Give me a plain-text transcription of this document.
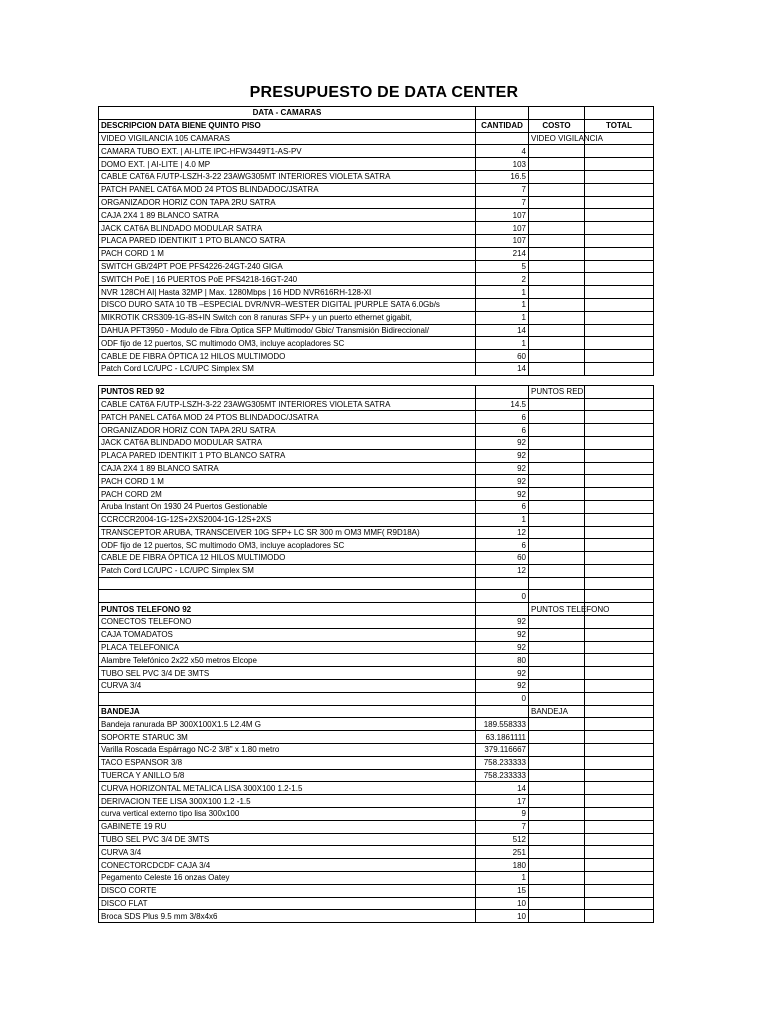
PRESUPUESTO DE DATA CENTER
DATA - CAMARAS			
DESCRIPCION DATA BIENE QUINTO PISO	CANTIDAD	COSTO	TOTAL
VIDEO VIGILANCIA 105 CAMARAS		VIDEO VIGILANCIA	
CAMARA TUBO EXT. | AI-LITE IPC-HFW3449T1-AS-PV	4		
DOMO EXT. | AI-LITE | 4.0 MP	103		
CABLE CAT6A F/UTP-LSZH-3-22 23AWG305MT INTERIORES VIOLETA SATRA	16.5		
PATCH PANEL CAT6A MOD 24 PTOS BLINDADOC/JSATRA	7		
ORGANIZADOR HORIZ CON TAPA 2RU SATRA	7		
CAJA 2X4 1 89 BLANCO SATRA	107		
JACK CAT6A BLINDADO MODULAR SATRA	107		
PLACA PARED IDENTIKIT 1 PTO BLANCO SATRA	107		
PACH CORD 1 M	214		
SWITCH GB/24PT POE PFS4226-24GT-240 GIGA	5		
SWITCH PoE | 16 PUERTOS PoE PFS4218-16GT-240	2		
NVR 128CH AI| Hasta 32MP | Max. 1280Mbps | 16 HDD NVR616RH-128-XI	1		
DISCO DURO SATA 10 TB –ESPECIAL DVR/NVR–WESTER DIGITAL |PURPLE SATA 6.0Gb/s	1		
MIKROTIK CRS309-1G-8S+IN Switch con 8 ranuras SFP+ y un puerto ethernet gigabit,	1		
DAHUA PFT3950 - Modulo de Fibra Optica SFP Multimodo/ Gbic/ Transmisión Bidireccional/	14		
ODF fijo de 12 puertos, SC multimodo OM3, incluye acopladores SC	1		
CABLE DE FIBRA ÓPTICA 12 HILOS MULTIMODO	60		
Patch Cord LC/UPC - LC/UPC Simplex SM	14		

PUNTOS RED 92		PUNTOS RED	
CABLE CAT6A F/UTP-LSZH-3-22 23AWG305MT INTERIORES VIOLETA SATRA	14.5		
PATCH PANEL CAT6A MOD 24 PTOS BLINDADOC/JSATRA	6		
ORGANIZADOR HORIZ CON TAPA 2RU SATRA	6		
JACK CAT6A BLINDADO MODULAR SATRA	92		
PLACA PARED IDENTIKIT 1 PTO BLANCO SATRA	92		
CAJA 2X4 1 89 BLANCO SATRA	92		
PACH CORD 1 M	92		
PACH CORD 2M	92		
Aruba Instant On 1930 24 Puertos Gestionable	6		
CCRCCR2004-1G-12S+2XS2004-1G-12S+2XS	1		
TRANSCEPTOR ARUBA, TRANSCEIVER 10G SFP+ LC SR 300 m OM3 MMF( R9D18A)	12		
ODF fijo de 12 puertos, SC multimodo OM3, incluye acopladores SC	6		
CABLE DE FIBRA ÓPTICA 12 HILOS MULTIMODO	60		
Patch Cord LC/UPC - LC/UPC Simplex SM	12		

	0		
PUNTOS TELEFONO 92		PUNTOS TELEFONO	
CONECTOS TELEFONO	92		
CAJA TOMADATOS	92		
PLACA TELEFONICA	92		
Alambre Telefónico 2x22 x50 metros Elcope	80		
TUBO SEL PVC 3/4 DE 3MTS	92		
CURVA 3/4	92		
	0		
BANDEJA		BANDEJA	
Bandeja ranurada BP 300X100X1.5 L2.4M G	189.558333		
SOPORTE STARUC 3M	63.1861111		
Varilla Roscada Espárrago NC-2 3/8" x 1.80 metro	379.116667		
TACO ESPANSOR 3/8	758.233333		
TUERCA Y ANILLO 5/8	758.233333		
CURVA HORIZONTAL METALICA LISA 300X100 1.2-1.5	14		
DERIVACION TEE LISA 300X100 1.2 -1.5	17		
curva vertical externo tipo lisa 300x100	9		
GABINETE 19 RU	7		
TUBO SEL PVC 3/4 DE 3MTS	512		
CURVA 3/4	251		
CONECTORCDCDF CAJA 3/4	180		
Pegamento Celeste 16 onzas Oatey	1		
DISCO CORTE	15		
DISCO FLAT	10		
Broca SDS Plus 9.5 mm 3/8x4x6	10		
